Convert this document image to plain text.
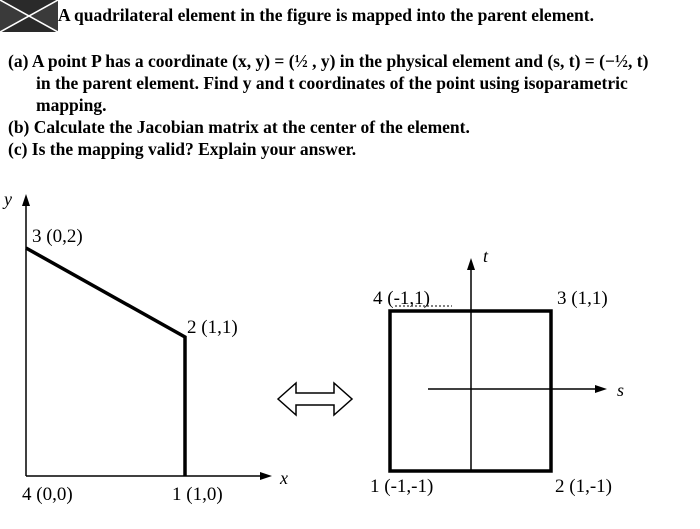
A quadrilateral element in the figure is mapped into the parent element.
(a) A point P has a coordinate (x, y) = (½ , y) in the physical element and (s, t) = (−½, t)
in the parent element. Find y and t coordinates of the point using isoparametric
mapping.
(b) Calculate the Jacobian matrix at the center of the element.
(c) Is the mapping valid? Explain your answer.
y
x
3 (0,2)
2 (1,1)
4 (0,0)	1 (1,0)
t
s
4 (-1,1)	3 (1,1)
1 (-1,-1)	2 (1,-1)
